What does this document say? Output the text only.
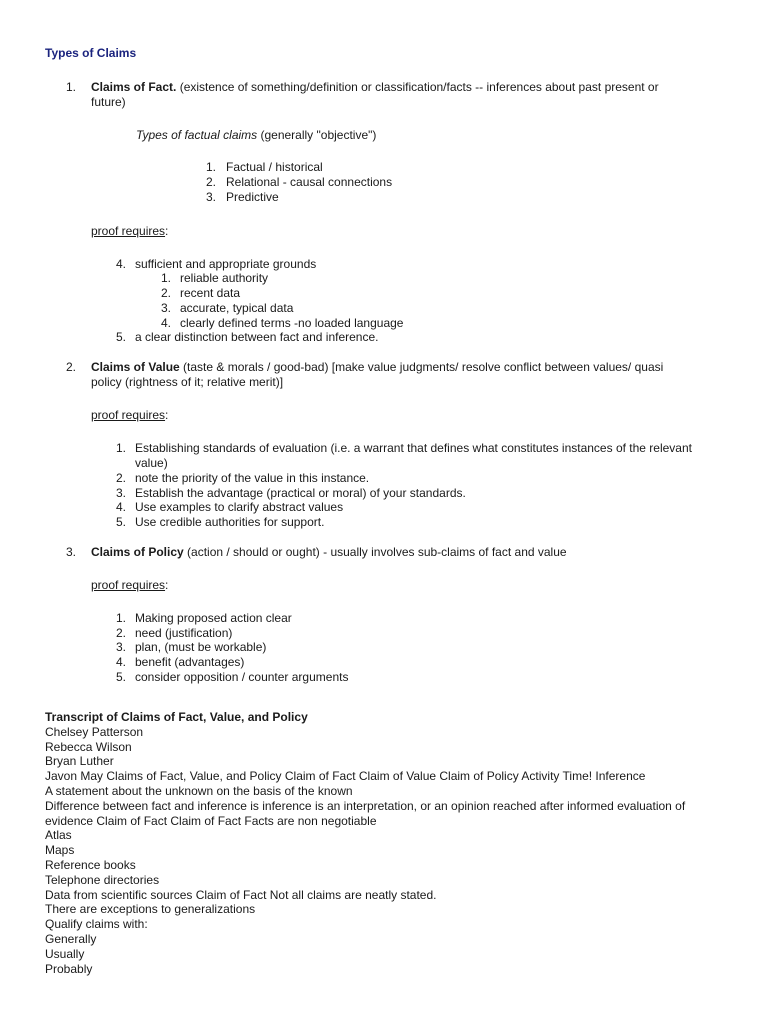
Types of Claims
1. Claims of Fact. (existence of something/definition or classification/facts -- inferences about past present or
future)
Types of factual claims (generally "objective")
1. Factual / historical
2. Relational - causal connections
3. Predictive
proof requires:
4. sufficient and appropriate grounds
1. reliable authority
2. recent data
3. accurate, typical data
4. clearly defined terms -no loaded language
5. a clear distinction between fact and inference.
2. Claims of Value (taste & morals / good-bad) [make value judgments/ resolve conflict between values/ quasi
policy (rightness of it; relative merit)]
proof requires:
1. Establishing standards of evaluation (i.e. a warrant that defines what constitutes instances of the relevant
value)
2. note the priority of the value in this instance.
3. Establish the advantage (practical or moral) of your standards.
4. Use examples to clarify abstract values
5. Use credible authorities for support.
3. Claims of Policy (action / should or ought) - usually involves sub-claims of fact and value
proof requires:
1. Making proposed action clear
2. need (justification)
3. plan, (must be workable)
4. benefit (advantages)
5. consider opposition / counter arguments
Transcript of Claims of Fact, Value, and Policy
Chelsey Patterson
Rebecca Wilson
Bryan Luther
Javon May Claims of Fact, Value, and Policy Claim of Fact Claim of Value Claim of Policy Activity Time! Inference
A statement about the unknown on the basis of the known
Difference between fact and inference is inference is an interpretation, or an opinion reached after informed evaluation of
evidence Claim of Fact Claim of Fact Facts are non negotiable
Atlas
Maps
Reference books
Telephone directories
Data from scientific sources Claim of Fact Not all claims are neatly stated.
There are exceptions to generalizations
Qualify claims with:
Generally
Usually
Probably
